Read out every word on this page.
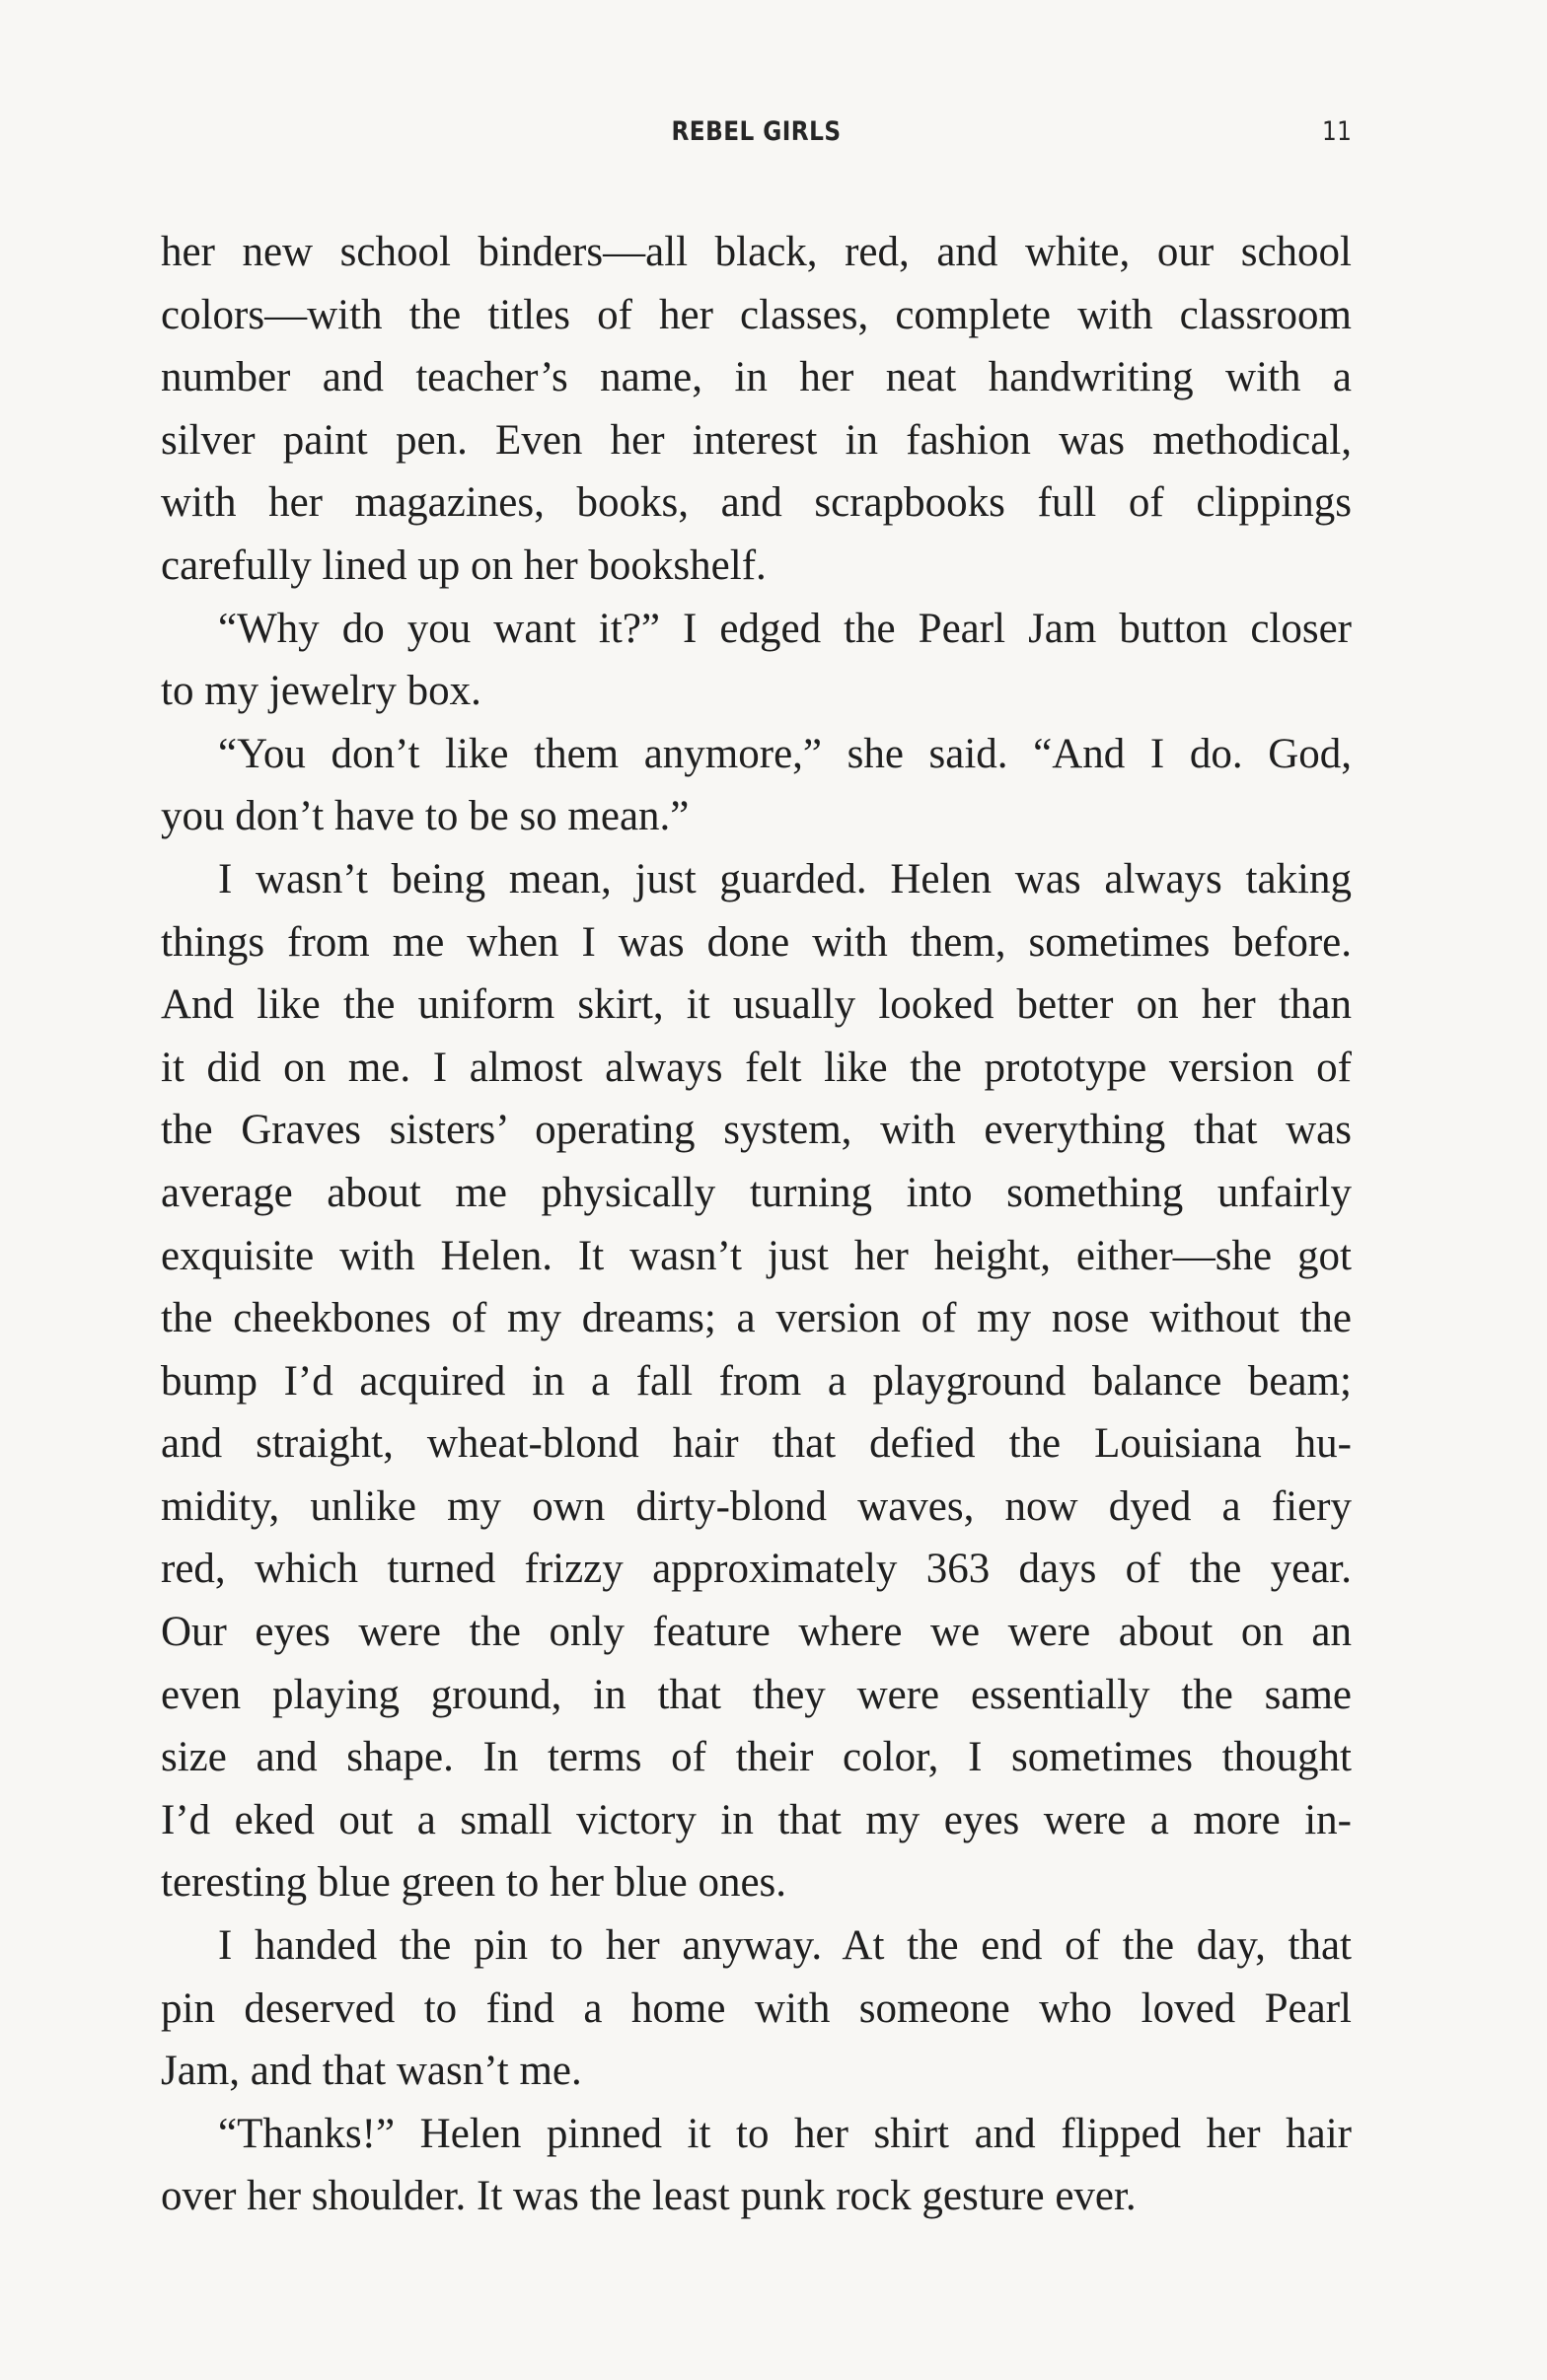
REBEL GIRLS	11
her new school binders—all black, red, and white, our school
colors—with the titles of her classes, complete with classroom
number and teacher’s name, in her neat handwriting with a
silver paint pen. Even her interest in fashion was methodical,
with her magazines, books, and scrapbooks full of clippings
carefully lined up on her bookshelf.
“Why do you want it?” I edged the Pearl Jam button closer
to my jewelry box.
“You don’t like them anymore,” she said. “And I do. God,
you don’t have to be so mean.”
I wasn’t being mean, just guarded. Helen was always taking
things from me when I was done with them, sometimes before.
And like the uniform skirt, it usually looked better on her than
it did on me. I almost always felt like the prototype version of
the Graves sisters’ operating system, with everything that was
average about me physically turning into something unfairly
exquisite with Helen. It wasn’t just her height, either—she got
the cheekbones of my dreams; a version of my nose without the
bump I’d acquired in a fall from a playground balance beam;
and straight, wheat-blond hair that defied the Louisiana hu-
midity, unlike my own dirty-blond waves, now dyed a fiery
red, which turned frizzy approximately 363 days of the year.
Our eyes were the only feature where we were about on an
even playing ground, in that they were essentially the same
size and shape. In terms of their color, I sometimes thought
I’d eked out a small victory in that my eyes were a more in-
teresting blue green to her blue ones.
I handed the pin to her anyway. At the end of the day, that
pin deserved to find a home with someone who loved Pearl
Jam, and that wasn’t me.
“Thanks!” Helen pinned it to her shirt and flipped her hair
over her shoulder. It was the least punk rock gesture ever.
